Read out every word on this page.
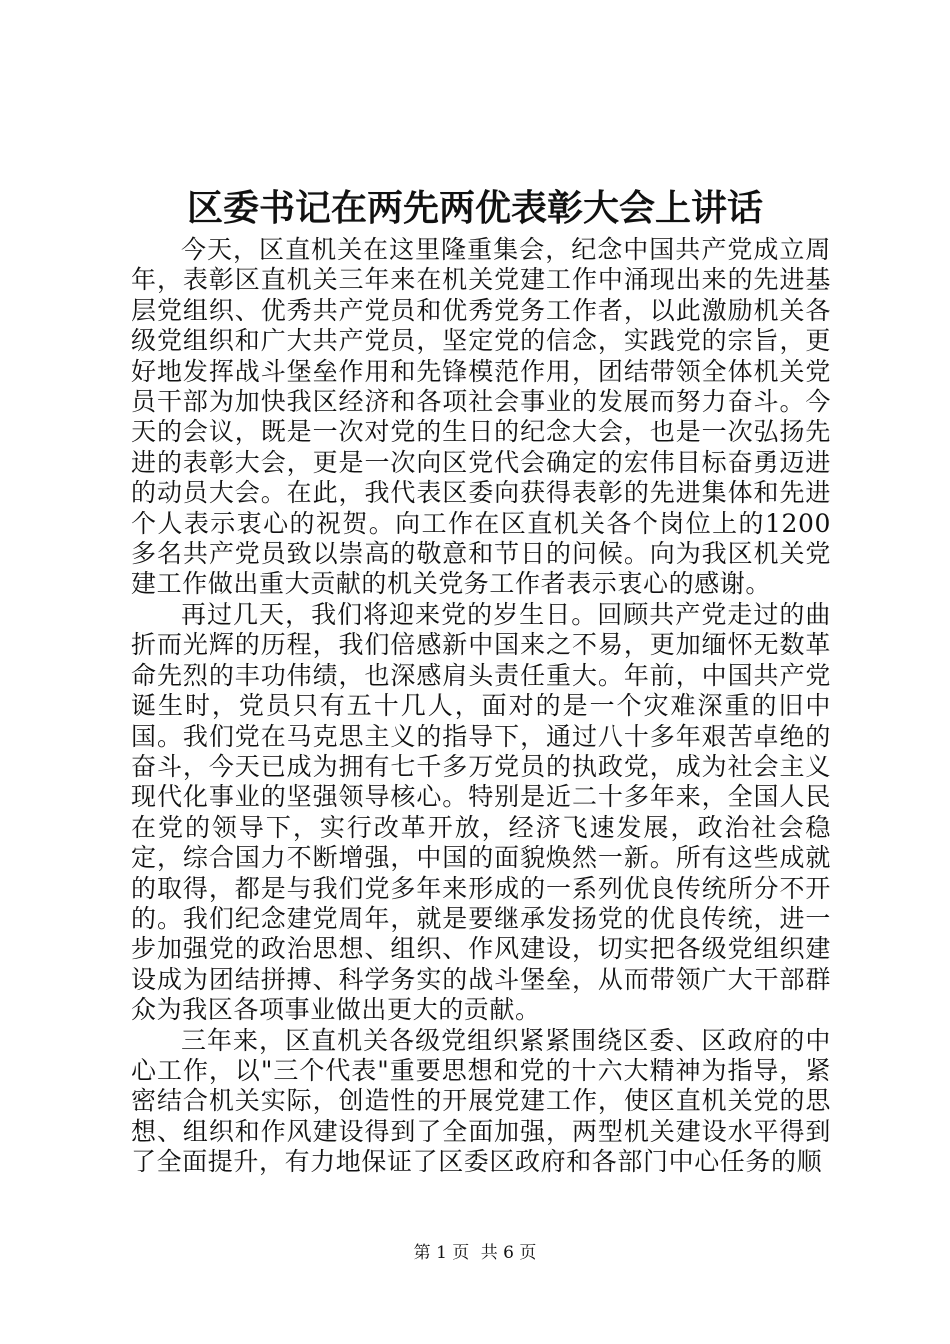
区委书记在两先两优表彰大会上讲话

今天，区直机关在这里隆重集会，纪念中国共产党成立周年，表彰区直机关三年来在机关党建工作中涌现出来的先进基层党组织、优秀共产党员和优秀党务工作者，以此激励机关各级党组织和广大共产党员，坚定党的信念，实践党的宗旨，更好地发挥战斗堡垒作用和先锋模范作用，团结带领全体机关党员干部为加快我区经济和各项社会事业的发展而努力奋斗。今天的会议，既是一次对党的生日的纪念大会，也是一次弘扬先进的表彰大会，更是一次向区党代会确定的宏伟目标奋勇迈进的动员大会。在此，我代表区委向获得表彰的先进集体和先进个人表示衷心的祝贺。向工作在区直机关各个岗位上的1200多名共产党员致以崇高的敬意和节日的问候。向为我区机关党建工作做出重大贡献的机关党务工作者表示衷心的感谢。

再过几天，我们将迎来党的岁生日。回顾共产党走过的曲折而光辉的历程，我们倍感新中国来之不易，更加缅怀无数革命先烈的丰功伟绩，也深感肩头责任重大。年前，中国共产党诞生时，党员只有五十几人，面对的是一个灾难深重的旧中国。我们党在马克思主义的指导下，通过八十多年艰苦卓绝的奋斗，今天已成为拥有七千多万党员的执政党，成为社会主义现代化事业的坚强领导核心。特别是近二十多年来，全国人民在党的领导下，实行改革开放，经济飞速发展，政治社会稳定，综合国力不断增强，中国的面貌焕然一新。所有这些成就的取得，都是与我们党多年来形成的一系列优良传统所分不开的。我们纪念建党周年，就是要继承发扬党的优良传统，进一步加强党的政治思想、组织、作风建设，切实把各级党组织建设成为团结拼搏、科学务实的战斗堡垒，从而带领广大干部群众为我区各项事业做出更大的贡献。

三年来，区直机关各级党组织紧紧围绕区委、区政府的中心工作，以"三个代表"重要思想和党的十六大精神为指导，紧密结合机关实际，创造性的开展党建工作，使区直机关党的思想、组织和作风建设得到了全面加强，两型机关建设水平得到了全面提升，有力地保证了区委区政府和各部门中心任务的顺

第 1 页 共 6 页
